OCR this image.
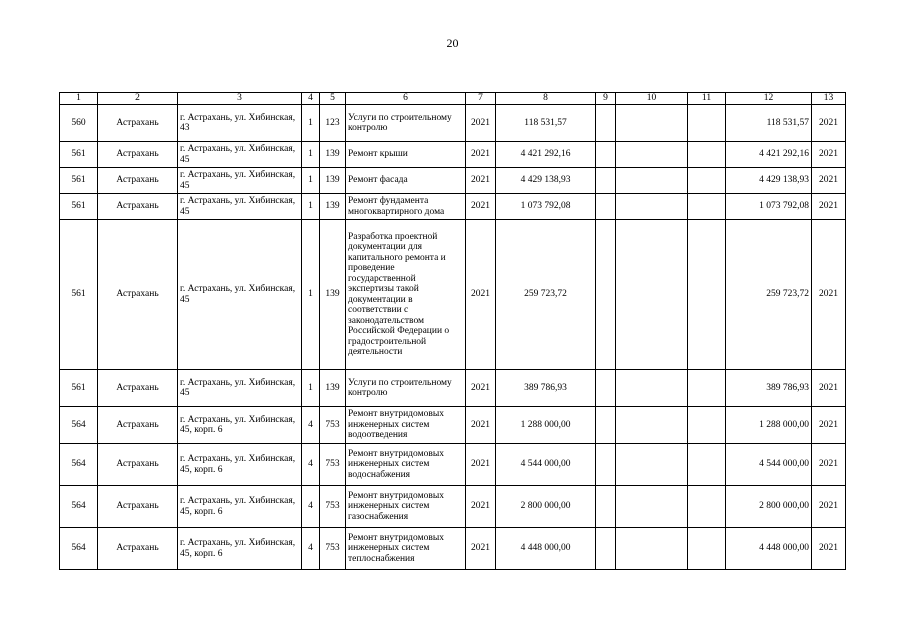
20
1	2	3	4	5	6	7	8	9	10	11	12	13
560	Астрахань	г. Астрахань, ул. Хибинская, 43	1	123	Услуги по строительному контролю	2021	118 531,57				118 531,57	2021
561	Астрахань	г. Астрахань, ул. Хибинская, 45	1	139	Ремонт крыши	2021	4 421 292,16				4 421 292,16	2021
561	Астрахань	г. Астрахань, ул. Хибинская, 45	1	139	Ремонт фасада	2021	4 429 138,93				4 429 138,93	2021
561	Астрахань	г. Астрахань, ул. Хибинская, 45	1	139	Ремонт фундамента многоквартирного дома	2021	1 073 792,08				1 073 792,08	2021
561	Астрахань	г. Астрахань, ул. Хибинская, 45	1	139	Разработка проектной документации для капитального ремонта и проведение государственной экспертизы такой документации в соответствии с законодательством Российской Федерации о градостроительной деятельности	2021	259 723,72				259 723,72	2021
561	Астрахань	г. Астрахань, ул. Хибинская, 45	1	139	Услуги по строительному контролю	2021	389 786,93				389 786,93	2021
564	Астрахань	г. Астрахань, ул. Хибинская, 45, корп. 6	4	753	Ремонт внутридомовых инженерных систем водоотведения	2021	1 288 000,00				1 288 000,00	2021
564	Астрахань	г. Астрахань, ул. Хибинская, 45, корп. 6	4	753	Ремонт внутридомовых инженерных систем водоснабжения	2021	4 544 000,00				4 544 000,00	2021
564	Астрахань	г. Астрахань, ул. Хибинская, 45, корп. 6	4	753	Ремонт внутридомовых инженерных систем газоснабжения	2021	2 800 000,00				2 800 000,00	2021
564	Астрахань	г. Астрахань, ул. Хибинская, 45, корп. 6	4	753	Ремонт внутридомовых инженерных систем теплоснабжения	2021	4 448 000,00				4 448 000,00	2021
